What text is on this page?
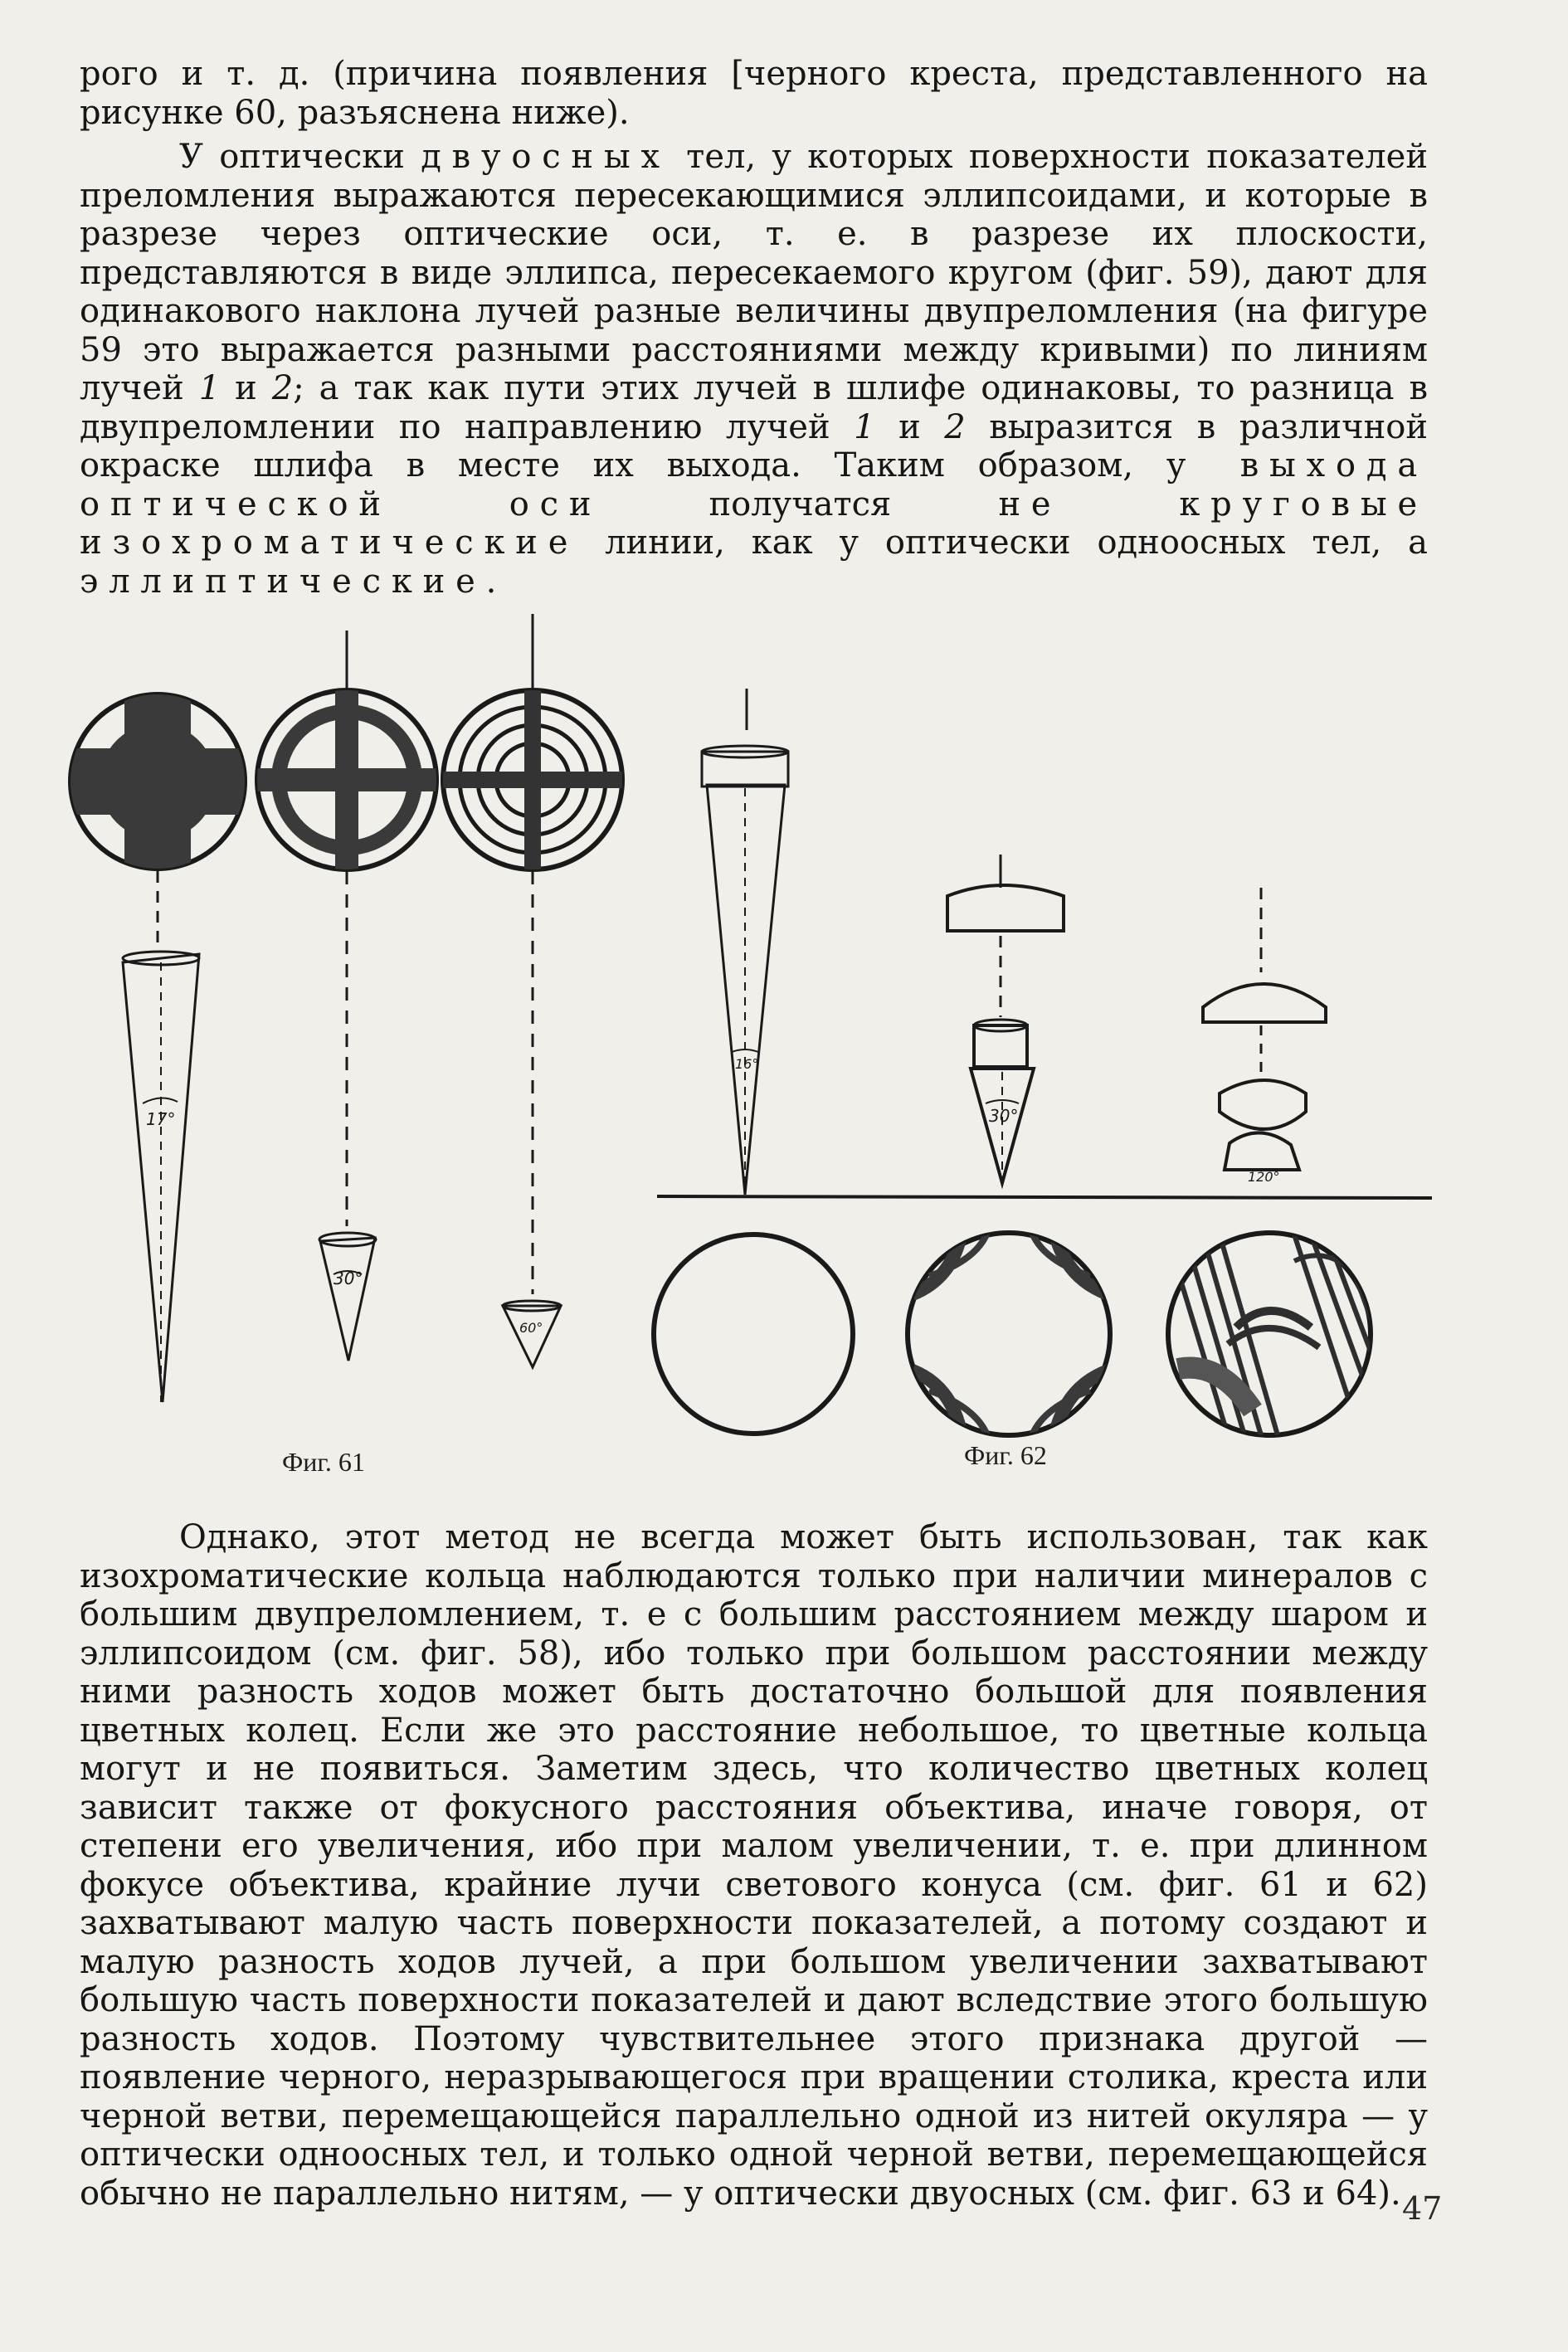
рого и т. д. (причина появления [черного креста, представленного на рисунке 60, разъяснена ниже).

У оптически двуосных тел, у которых поверхности показателей преломления выражаются пересекающимися эллипсоидами, и которые в разрезе через оптические оси, т. е. в разрезе их плоскости, представляются в виде эллипса, пересекаемого кругом (фиг. 59), дают для одинакового наклона лучей разные величины двупреломления (на фигуре 59 это выражается разными расстояниями между кривыми) по линиям лучей 1 и 2; а так как пути этих лучей в шлифе одинаковы, то разница в двупреломлении по направлению лучей 1 и 2 выразится в различной окраске шлифа в месте их выхода. Таким образом, у выхода оптической оси получатся не круговые изохроматические линии, как у оптически одноосных тел, а эллиптические.

Однако, этот метод не всегда может быть использован, так как изохроматические кольца наблюдаются только при наличии минералов с большим двупреломлением, т. е с большим расстоянием между шаром и эллипсоидом (см. фиг. 58), ибо только при большом расстоянии между ними разность ходов может быть достаточно большой для появления цветных колец. Если же это расстояние небольшое, то цветные кольца могут и не появиться. Заметим здесь, что количество цветных колец зависит также от фокусного расстояния объектива, иначе говоря, от степени его увеличения, ибо при малом увеличении, т. е. при длинном фокусе объектива, крайние лучи светового конуса (см. фиг. 61 и 62) захватывают малую часть поверхности показателей, а потому создают и малую разность ходов лучей, а при большом увеличении захватывают большую часть поверхности показателей и дают вследствие этого большую разность ходов. Поэтому чувствительнее этого признака другой — появление черного, неразрывающегося при вращении столика, креста или черной ветви, перемещающейся параллельно одной из нитей окуляра — у оптически одноосных тел, и только одной черной ветви, перемещающейся обычно не параллельно нитям, — у оптически двуосных (см. фиг. 63 и 64).

17°
30°
60°
16°
30°
120°
Фиг. 61	Фиг. 62
47
